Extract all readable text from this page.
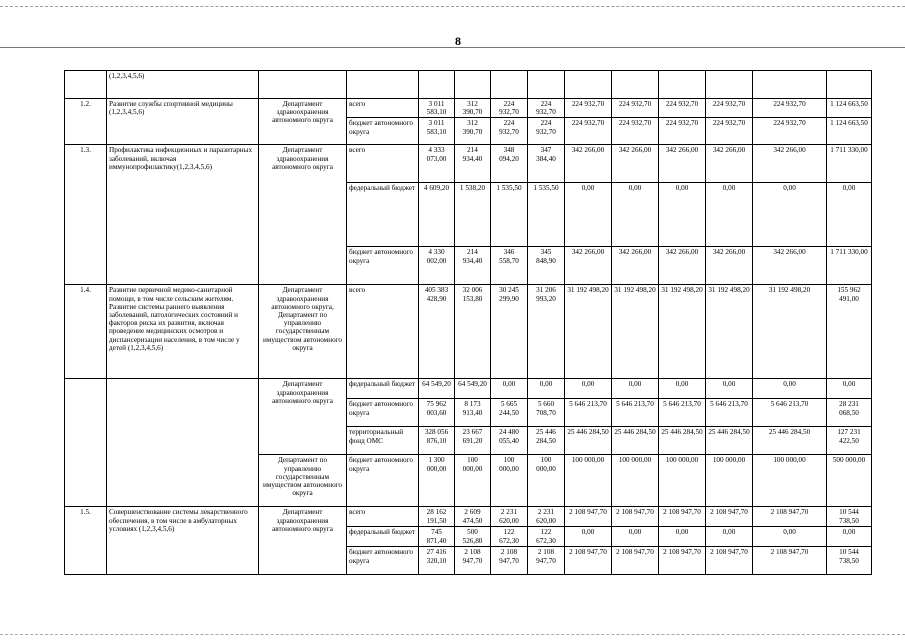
8
	(1,2,3,4,5,6)												
1.2.	Развитие службы спортивной медицины (1,2,3,4,5,6)	Департамент здравоохранения автономного округа	всего	3 011 583,10	312 390,70	224 932,70	224 932,70	224 932,70	224 932,70	224 932,70	224 932,70	224 932,70	1 124 663,50
			бюджет автономного округа	3 011 583,10	312 390,70	224 932,70	224 932,70	224 932,70	224 932,70	224 932,70	224 932,70	224 932,70	1 124 663,50
1.3.	Профилактика инфекционных и паразитарных заболеваний, включая иммунопрофилактику(1,2,3,4,5,6)	Департамент здравоохранения автономного округа	всего	4 333 073,00	214 934,40	348 094,20	347 384,40	342 266,00	342 266,00	342 266,00	342 266,00	342 266,00	1 711 330,00
			федеральный бюджет	4 609,20	1 538,20	1 535,50	1 535,50	0,00	0,00	0,00	0,00	0,00	0,00
			бюджет автономного округа	4 330 002,00	214 934,40	346 558,70	345 848,90	342 266,00	342 266,00	342 266,00	342 266,00	342 266,00	1 711 330,00
1.4.	Развитие первичной медико-санитарной помощи, в том числе сельским жителям. Развитие системы раннего выявления заболеваний, патологических состояний и факторов риска их развития, включая проведение медицинских осмотров и диспансеризации населения, в том числе у детей (1,2,3,4,5,6)	Департамент здравоохранения автономного округа, Департамент по управлению государственным имуществом автономного округа	всего	405 383 428,90	32 006 153,80	30 245 299,90	31 206 993,20	31 192 498,20	31 192 498,20	31 192 498,20	31 192 498,20	31 192 498,20	155 962 491,00
		Департамент здравоохранения автономного округа	федеральный бюджет	64 549,20	64 549,20	0,00	0,00	0,00	0,00	0,00	0,00	0,00	0,00
			бюджет автономного округа	75 962 003,60	8 173 913,40	5 665 244,50	5 660 708,70	5 646 213,70	5 646 213,70	5 646 213,70	5 646 213,70	5 646 213,70	28 231 068,50
			территориальный фонд ОМС	328 056 876,10	23 667 691,20	24 480 055,40	25 446 284,50	25 446 284,50	25 446 284,50	25 446 284,50	25 446 284,50	25 446 284,50	127 231 422,50
		Департамент по управлению государственным имуществом автономного округа	бюджет автономного округа	1 300 000,00	100 000,00	100 000,00	100 000,00	100 000,00	100 000,00	100 000,00	100 000,00	100 000,00	500 000,00
1.5.	Совершенствование системы лекарственного обеспечения, в том числе в амбулаторных условиях (1,2,3,4,5,6)	Департамент здравоохранения автономного округа	всего	28 162 191,50	2 609 474,50	2 231 620,00	2 231 620,00	2 108 947,70	2 108 947,70	2 108 947,70	2 108 947,70	2 108 947,70	10 544 738,50
			федеральный бюджет	745 871,40	500 526,80	122 672,30	122 672,30	0,00	0,00	0,00	0,00	0,00	0,00
			бюджет автономного округа	27 416 320,10	2 108 947,70	2 108 947,70	2 108 947,70	2 108 947,70	2 108 947,70	2 108 947,70	2 108 947,70	2 108 947,70	10 544 738,50
